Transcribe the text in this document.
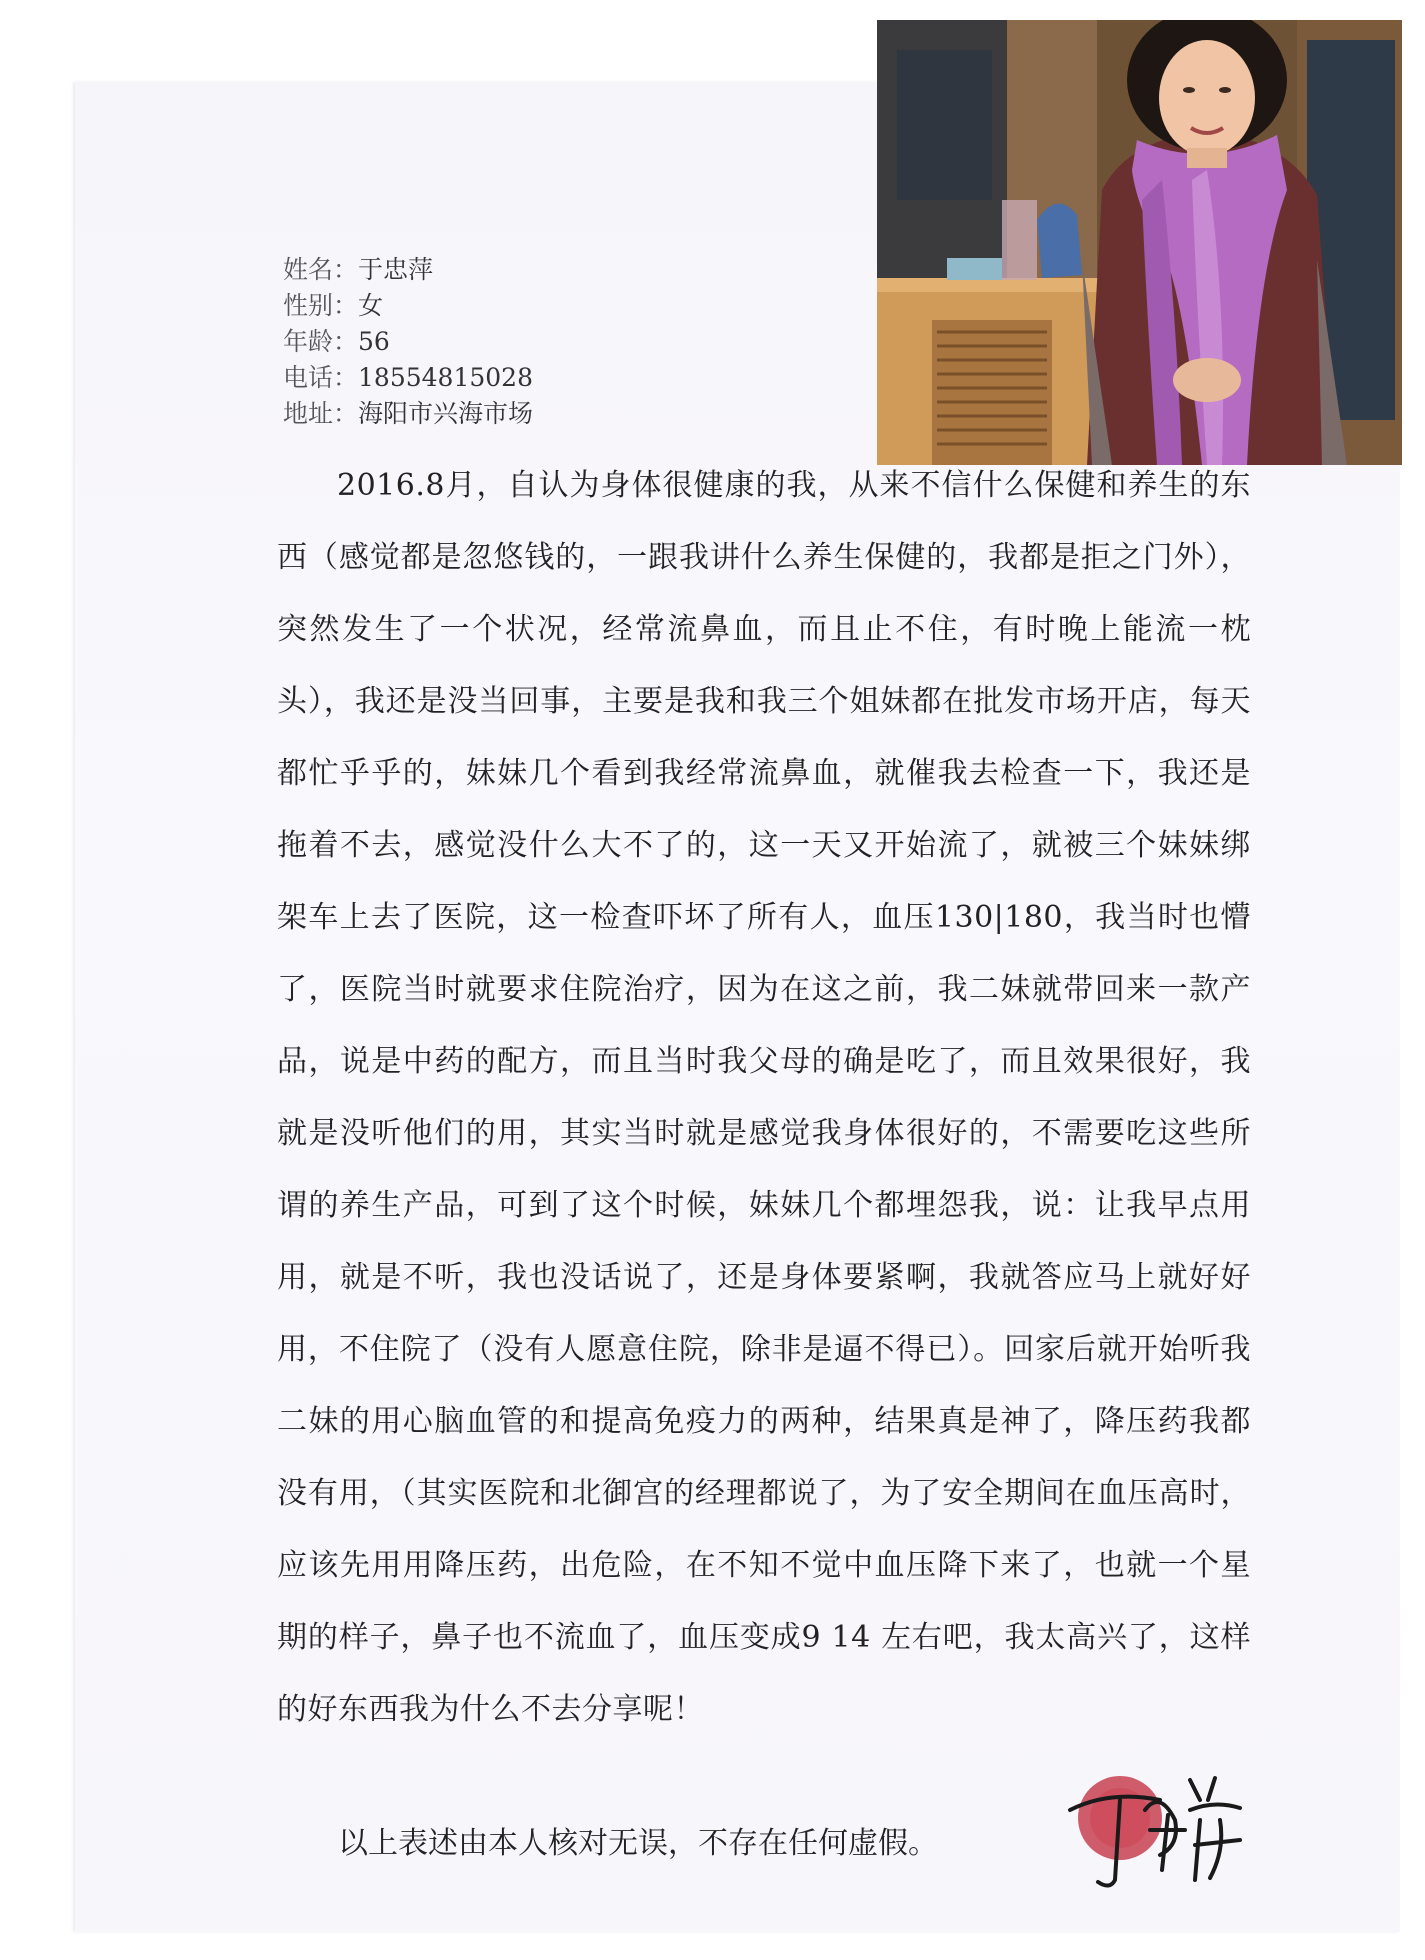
姓名：于忠萍
性别：女
年龄：56
电话：18554815028
地址：海阳市兴海市场

2016.8月，自认为身体很健康的我，从来不信什么保健和养生的东西（感觉都是忽悠钱的，一跟我讲什么养生保健的，我都是拒之门外），突然发生了一个状况，经常流鼻血，而且止不住，有时晚上能流一枕头），我还是没当回事，主要是我和我三个姐妹都在批发市场开店，每天都忙乎乎的，妹妹几个看到我经常流鼻血，就催我去检查一下，我还是拖着不去，感觉没什么大不了的，这一天又开始流了，就被三个妹妹绑架车上去了医院，这一检查吓坏了所有人，血压130|180，我当时也懵了，医院当时就要求住院治疗，因为在这之前，我二妹就带回来一款产品，说是中药的配方，而且当时我父母的确是吃了，而且效果很好，我就是没听他们的用，其实当时就是感觉我身体很好的，不需要吃这些所谓的养生产品，可到了这个时候，妹妹几个都埋怨我，说：让我早点用用，就是不听，我也没话说了，还是身体要紧啊，我就答应马上就好好用，不住院了（没有人愿意住院，除非是逼不得已）。回家后就开始听我二妹的用心脑血管的和提高免疫力的两种，结果真是神了，降压药我都没有用，（其实医院和北御宫的经理都说了，为了安全期间在血压高时，应该先用用降压药，出危险，在不知不觉中血压降下来了，也就一个星期的样子，鼻子也不流血了，血压变成9 14 左右吧，我太高兴了，这样的好东西我为什么不去分享呢！

以上表述由本人核对无误，不存在任何虚假。
